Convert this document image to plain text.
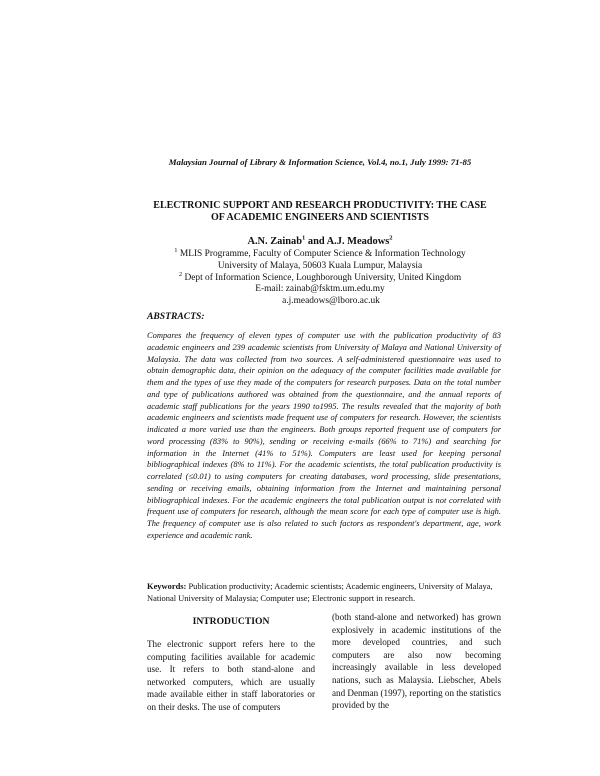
Malaysian Journal of Library & Information Science, Vol.4, no.1, July 1999: 71-85
ELECTRONIC SUPPORT AND RESEARCH PRODUCTIVITY: THE CASE
OF ACADEMIC ENGINEERS AND SCIENTISTS
A.N. Zainab$^1$ and A.J. Meadows$^2$
$^1$ MLIS Programme, Faculty of Computer Science & Information Technology
University of Malaya, 50603 Kuala Lumpur, Malaysia
$^2$ Dept of Information Science, Loughborough University, United Kingdom
E-mail: zainab@fsktm.um.edu.my
a.j.meadows@lboro.ac.uk
ABSTRACTS:

Compares the frequency of eleven types of computer use with the publication productivity of 83 academic engineers and 239 academic scientists from University of Malaya and National University of Malaysia. The data was collected from two sources. A self-administered questionnaire was used to obtain demographic data, their opinion on the adequacy of the computer facilities made available for them and the types of use they made of the computers for research purposes. Data on the total number and type of publications authored was obtained from the questionnaire, and the annual reports of academic staff publications for the years 1990 to1995. The results revealed that the majority of both academic engineers and scientists made frequent use of computers for research. However, the scientists indicated a more varied use than the engineers. Both groups reported frequent use of computers for word processing (83% to 90%), sending or receiving e-mails (66% to 71%) and searching for information in the Internet (41% to 51%). Computers are least used for keeping personal bibliographical indexes (8% to 11%). For the academic scientists, the total publication productivity is correlated (≤0.01) to using computers for creating databases, word processing, slide presentations, sending or receiving emails, obtaining information from the Internet and maintaining personal bibliographical indexes. For the academic engineers the total publication output is not correlated with frequent use of computers for research, although the mean score for each type of computer use is high. The frequency of computer use is also related to such factors as respondent's department, age, work experience and academic rank.

Keywords: Publication productivity; Academic scientists; Academic engineers, University of Malaya, National University of Malaysia; Computer use; Electronic support in research.

INTRODUCTION

The electronic support refers here to the computing facilities available for academic use. It refers to both stand-alone and networked computers, which are usually made available either in staff laboratories or on their desks. The use of computers

(both stand-alone and networked) has grown explosively in academic institutions of the more developed countries, and such computers are also now becoming increasingly available in less developed nations, such as Malaysia. Liebscher, Abels and Denman (1997), reporting on the statistics provided by the
